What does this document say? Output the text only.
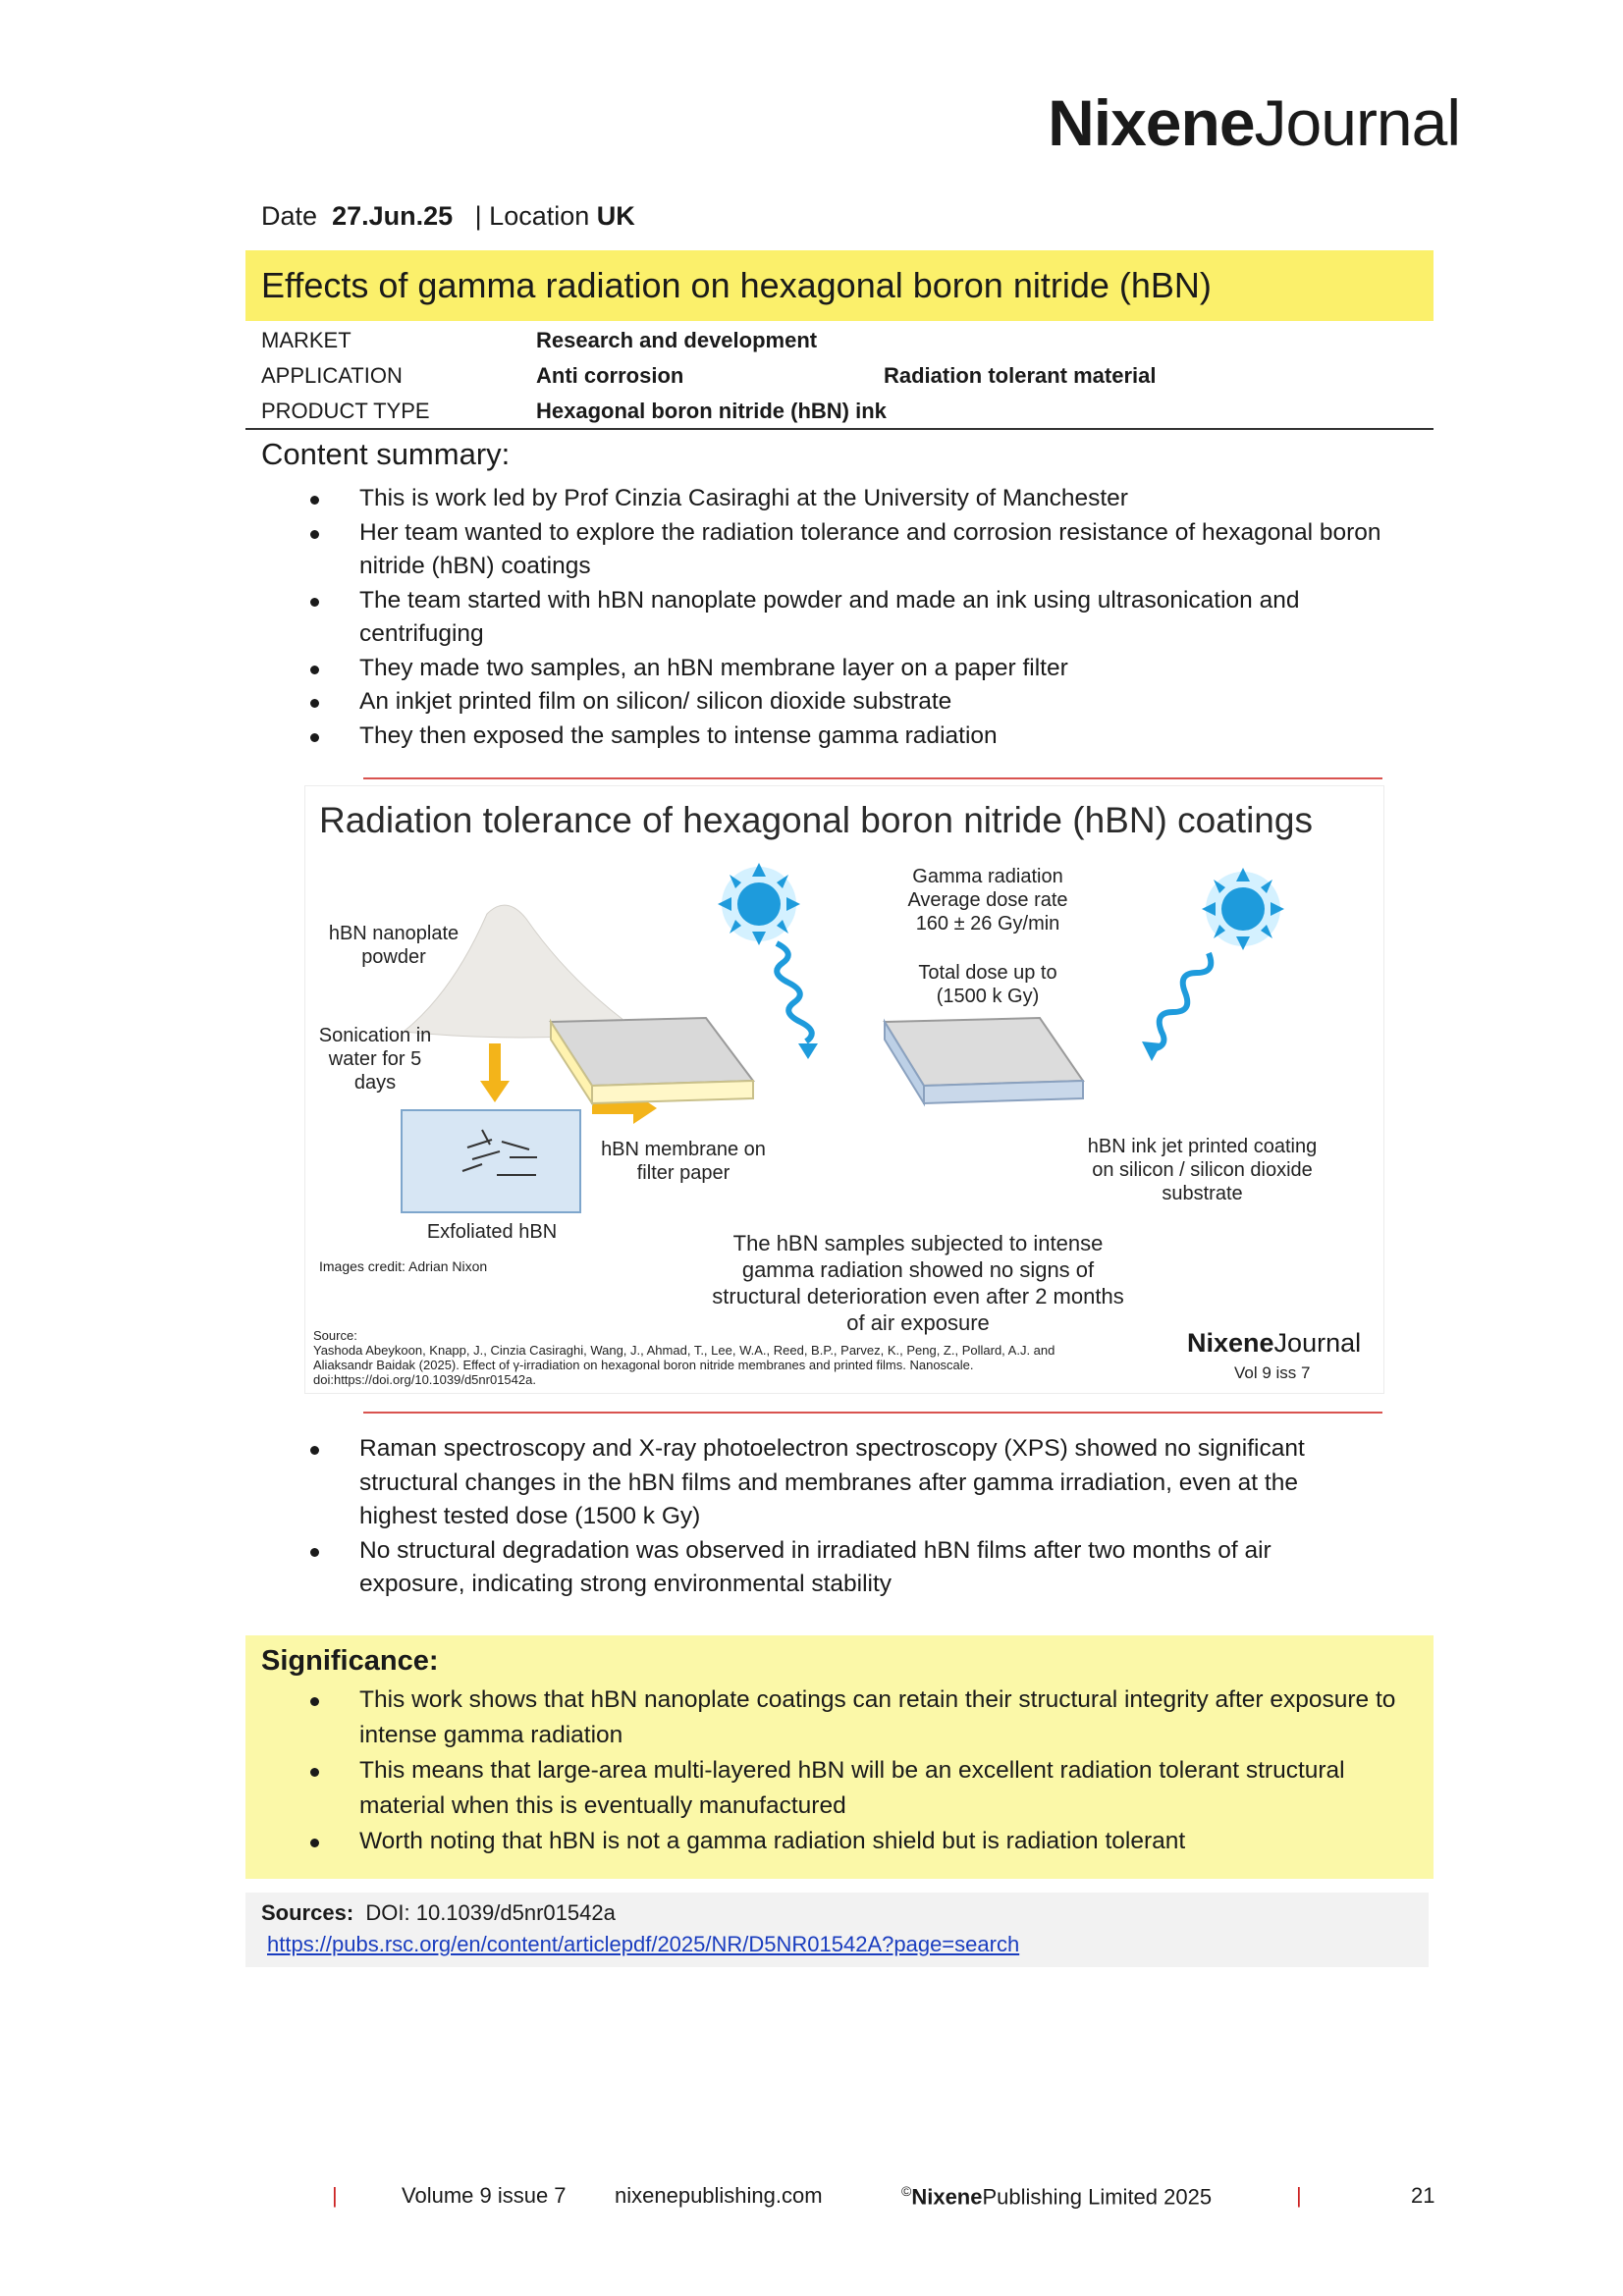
NixeneJournal
Date 27.Jun.25 | Location UK
Effects of gamma radiation on hexagonal boron nitride (hBN)
MARKET	Research and development
APPLICATION	Anti corrosion	Radiation tolerant material
PRODUCT TYPE	Hexagonal boron nitride (hBN) ink
Content summary:
This is work led by Prof Cinzia Casiraghi at the University of Manchester
Her team wanted to explore the radiation tolerance and corrosion resistance of hexagonal boron nitride (hBN) coatings
The team started with hBN nanoplate powder and made an ink using ultrasonication and centrifuging
They made two samples, an hBN membrane layer on a paper filter
An inkjet printed film on silicon/ silicon dioxide substrate
They then exposed the samples to intense gamma radiation
Radiation tolerance of hexagonal boron nitride (hBN) coatings
hBN nanoplate powder
Sonication in water for 5 days
Exfoliated hBN
Images credit: Adrian Nixon
Gamma radiation Average dose rate 160 ± 26 Gy/min
Total dose up to (1500 k Gy)
hBN membrane on filter paper
hBN ink jet printed coating on silicon / silicon dioxide substrate
The hBN samples subjected to intense gamma radiation showed no signs of structural deterioration even after 2 months of air exposure
Source:
Yashoda Abeykoon, Knapp, J., Cinzia Casiraghi, Wang, J., Ahmad, T., Lee, W.A., Reed, B.P., Parvez, K., Peng, Z., Pollard, A.J. and
Aliaksandr Baidak (2025). Effect of γ-irradiation on hexagonal boron nitride membranes and printed films. Nanoscale.
doi:https://doi.org/10.1039/d5nr01542a.
NixeneJournal
Vol 9 iss 7
Raman spectroscopy and X-ray photoelectron spectroscopy (XPS) showed no significant structural changes in the hBN films and membranes after gamma irradiation, even at the highest tested dose (1500 k Gy)
No structural degradation was observed in irradiated hBN films after two months of air exposure, indicating strong environmental stability
Significance:
This work shows that hBN nanoplate coatings can retain their structural integrity after exposure to intense gamma radiation
This means that large-area multi-layered hBN will be an excellent radiation tolerant structural material when this is eventually manufactured
Worth noting that hBN is not a gamma radiation shield but is radiation tolerant
Sources: DOI: 10.1039/d5nr01542a
https://pubs.rsc.org/en/content/articlepdf/2025/NR/D5NR01542A?page=search
|	Volume 9 issue 7 nixenepublishing.com	©NixenePublishing Limited 2025	|	21
